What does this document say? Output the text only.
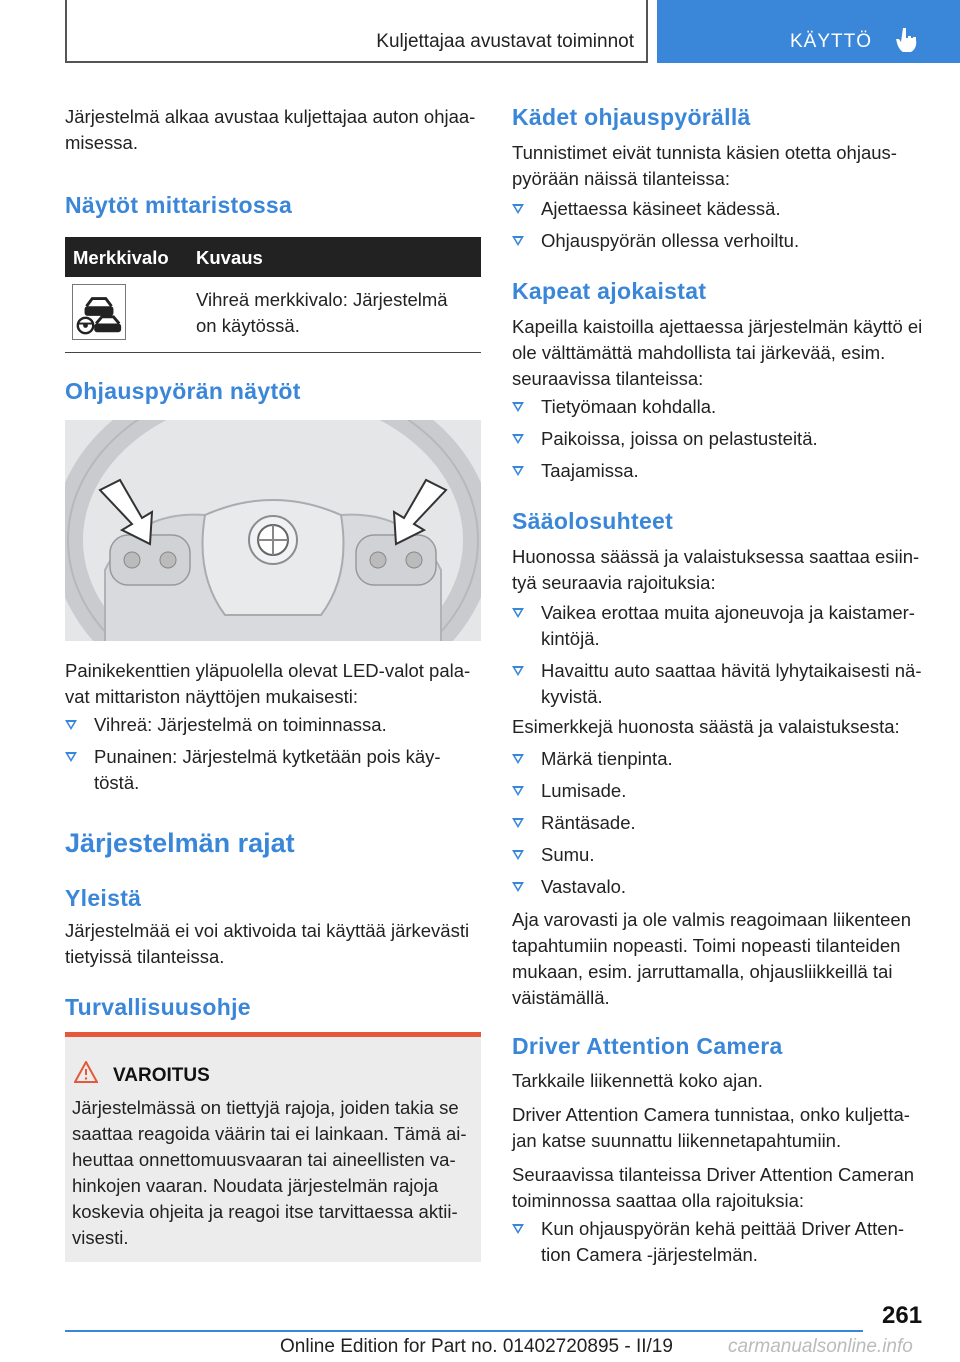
Kuljettajaa avustavat toiminnot	KÄYTTÖ

Järjestelmä alkaa avustaa kuljettajaa auton ohjaa-

misessa.

Näytöt mittaristossa
Merkkivalo Kuvaus

Vihreä merkkivalo: Järjestelmä

on käytössä.

Ohjauspyörän näytöt

Painikekenttien yläpuolella olevat LED-valot pala-

vat mittariston näyttöjen mukaisesti:

Vihreä: Järjestelmä on toiminnassa.
Punainen: Järjestelmä kytketään pois käy-
töstä.
Järjestelmän rajat
Yleistä

Järjestelmää ei voi aktivoida tai käyttää järkevästi

tietyissä tilanteissa.

Turvallisuusohje
VAROITUS
Järjestelmässä on tiettyjä rajoja, joiden takia se
saattaa reagoida väärin tai ei lainkaan. Tämä ai-
heuttaa onnettomuusvaaran tai aineellisten va-
hinkojen vaaran. Noudata järjestelmän rajoja
koskevia ohjeita ja reagoi itse tarvittaessa aktii-
visesti.
Kädet ohjauspyörällä

Tunnistimet eivät tunnista käsien otetta ohjaus-

pyörään näissä tilanteissa:

Ajettaessa käsineet kädessä.
Ohjauspyörän ollessa verhoiltu.
Kapeat ajokaistat

Kapeilla kaistoilla ajettaessa järjestelmän käyttö ei

ole välttämättä mahdollista tai järkevää, esim.

seuraavissa tilanteissa:

Tietyömaan kohdalla.
Paikoissa, joissa on pelastusteitä.
Taajamissa.
Sääolosuhteet

Huonossa säässä ja valaistuksessa saattaa esiin-

tyä seuraavia rajoituksia:

Vaikea erottaa muita ajoneuvoja ja kaistamer-
kintöjä.
Havaittu auto saattaa hävitä lyhytaikaisesti nä-
kyvistä.

Esimerkkejä huonosta säästä ja valaistuksesta:

Märkä tienpinta.
Lumisade.
Räntäsade.
Sumu.
Vastavalo.

Aja varovasti ja ole valmis reagoimaan liikenteen

tapahtumiin nopeasti. Toimi nopeasti tilanteiden

mukaan, esim. jarruttamalla, ohjausliikkeillä tai

väistämällä.

Driver Attention Camera

Tarkkaile liikennettä koko ajan.

Driver Attention Camera tunnistaa, onko kuljetta-

jan katse suunnattu liikennetapahtumiin.

Seuraavissa tilanteissa Driver Attention Cameran

toiminnossa saattaa olla rajoituksia:

Kun ohjauspyörän kehä peittää Driver Atten-
tion Camera -järjestelmän.
261
Online Edition for Part no. 01402720895 - II/19	carmanualsonline.info
